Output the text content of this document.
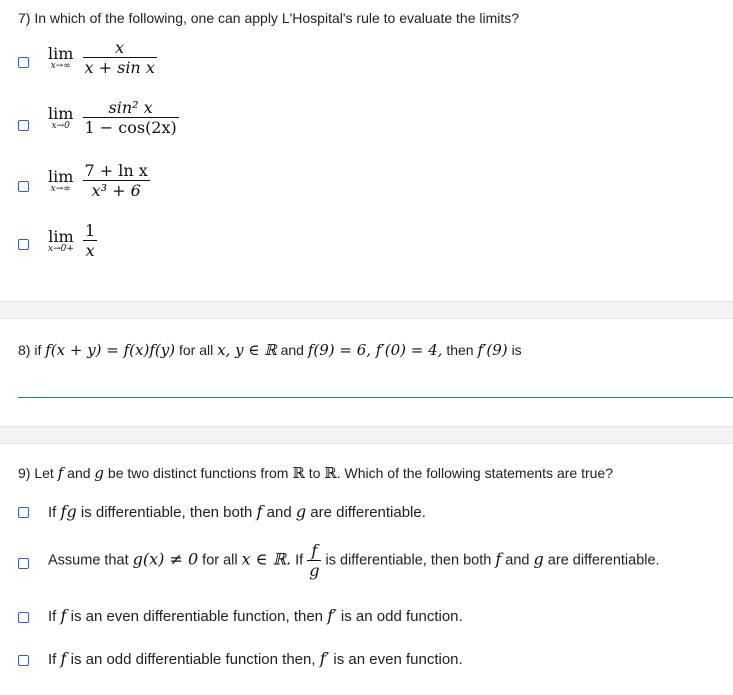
7) In which of the following, one can apply L'Hospital's rule to evaluate the limits?
lim
x→∞
$\frac{x}{\text{x + sin x}}$
lim
x→0
$\frac{\text{sin² x}}{1 - \cos(2x)}$
lim
x→∞
$\frac{\text{7 + ln x}}{\text{x³ + 6}}$
lim
x→0+
$\frac{1}{x}$
8) if f(x + y) = f(x)f(y) for all x, y ∈ ℝ and f(9) = 6, f′(0) = 4, then f′(9) is
9) Let f and g be two distinct functions from ℝ to ℝ. Which of the following statements are true?
If fg is differentiable, then both f and g are differentiable.
Assume that g(x) ≠ 0 for all x ∈ ℝ. If $\frac{f}{g}$ is differentiable, then both f and g are differentiable.
If f is an even differentiable function, then f′ is an odd function.
If f is an odd differentiable function then, f′ is an even function.
